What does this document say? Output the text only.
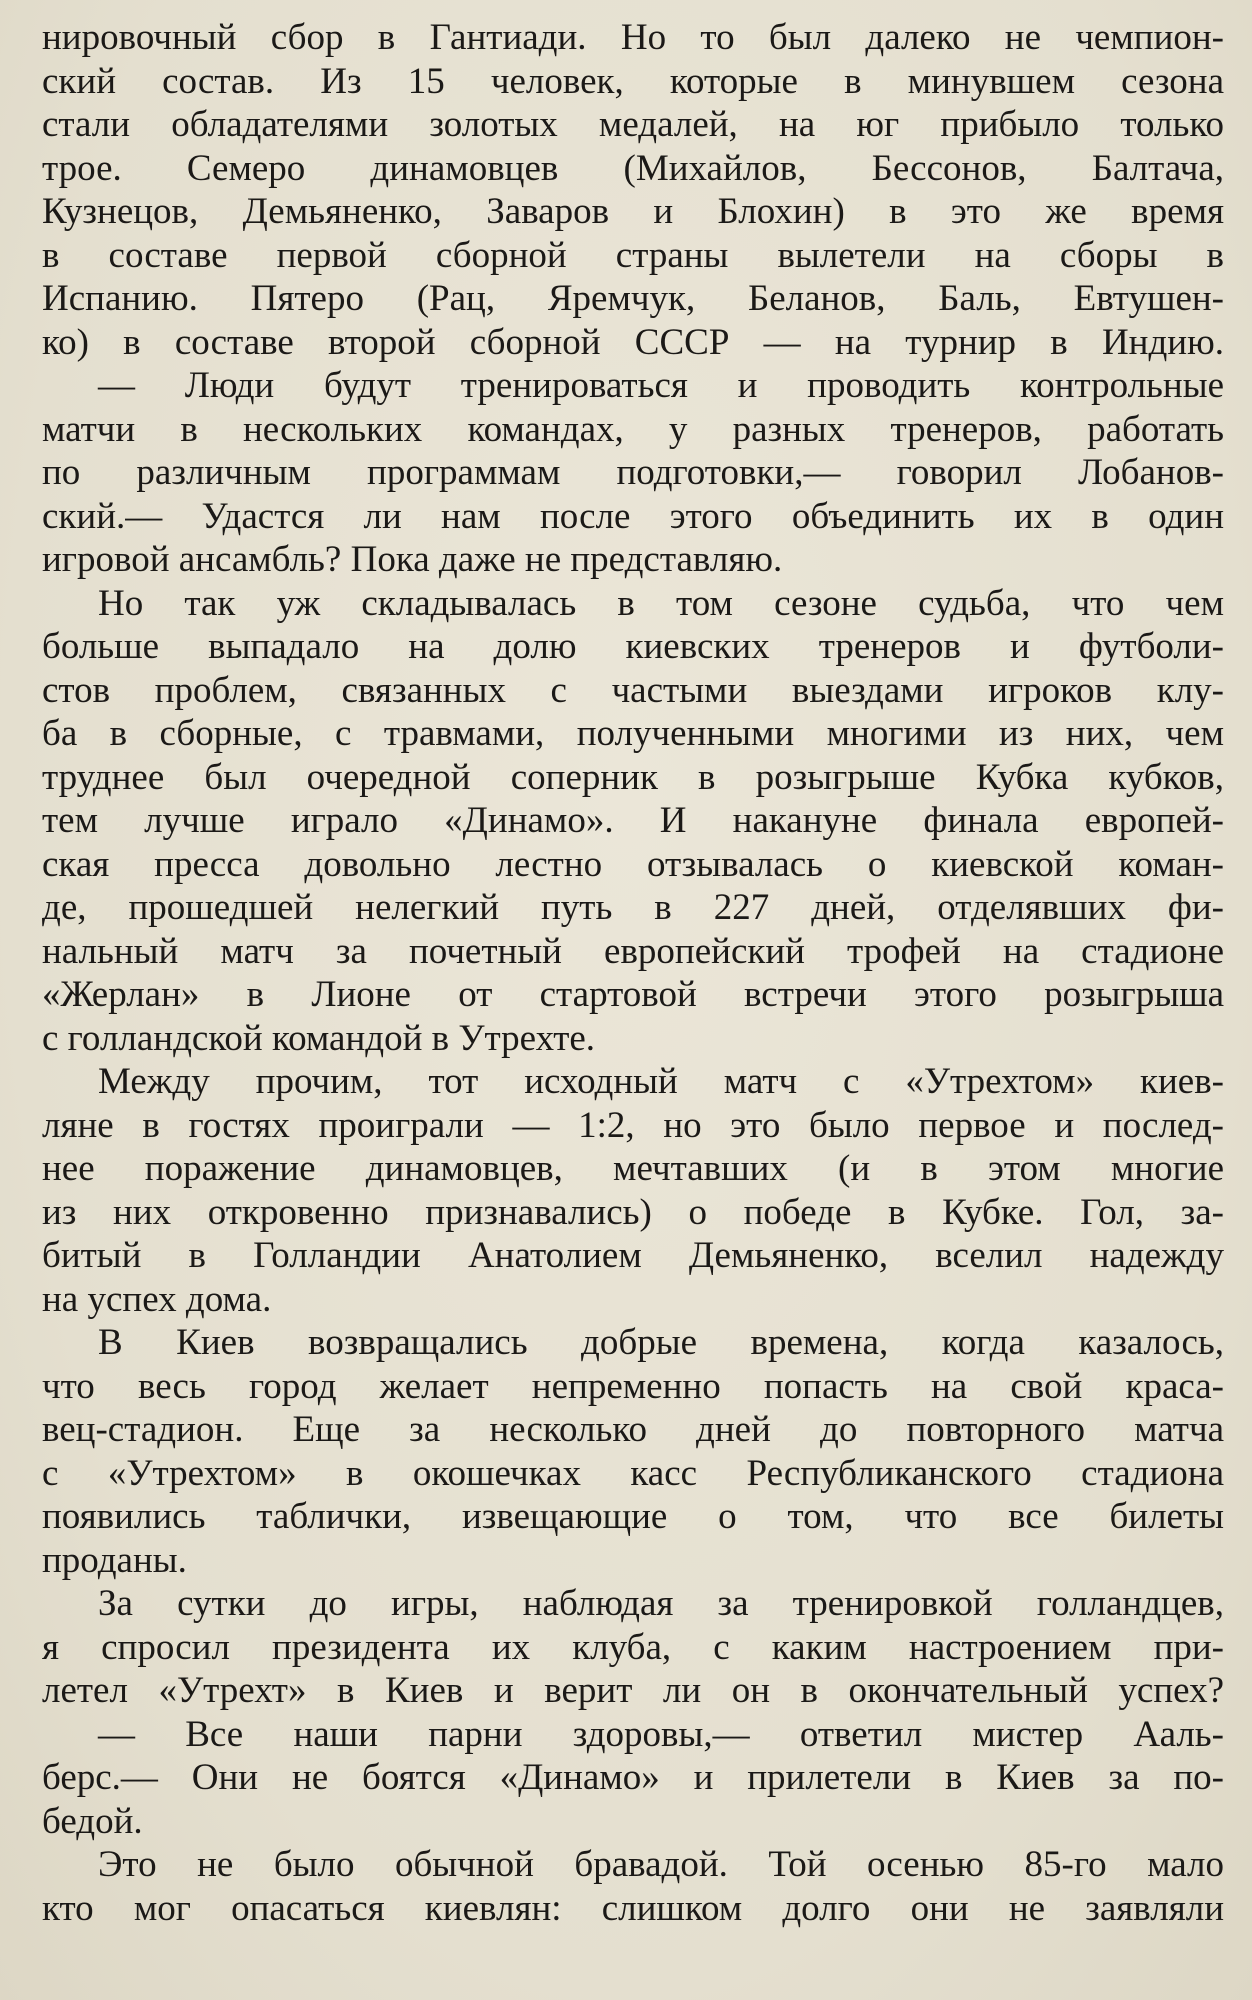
нировочный сбор в Гантиади. Но то был далеко не чемпион-
ский состав. Из 15 человек, которые в минувшем сезона
стали обладателями золотых медалей, на юг прибыло только
трое. Семеро динамовцев (Михайлов, Бессонов, Балтача,
Кузнецов, Демьяненко, Заваров и Блохин) в это же время
в составе первой сборной страны вылетели на сборы в
Испанию. Пятеро (Рац, Яремчук, Беланов, Баль, Евтушен-
ко) в составе второй сборной СССР — на турнир в Индию.
— Люди будут тренироваться и проводить контрольные
матчи в нескольких командах, у разных тренеров, работать
по различным программам подготовки,— говорил Лобанов-
ский.— Удастся ли нам после этого объединить их в один
игровой ансамбль? Пока даже не представляю.
Но так уж складывалась в том сезоне судьба, что чем
больше выпадало на долю киевских тренеров и футболи-
стов проблем, связанных с частыми выездами игроков клу-
ба в сборные, с травмами, полученными многими из них, чем
труднее был очередной соперник в розыгрыше Кубка кубков,
тем лучше играло «Динамо». И накануне финала европей-
ская пресса довольно лестно отзывалась о киевской коман-
де, прошедшей нелегкий путь в 227 дней, отделявших фи-
нальный матч за почетный европейский трофей на стадионе
«Жерлан» в Лионе от стартовой встречи этого розыгрыша
с голландской командой в Утрехте.
Между прочим, тот исходный матч с «Утрехтом» киев-
ляне в гостях проиграли — 1:2, но это было первое и послед-
нее поражение динамовцев, мечтавших (и в этом многие
из них откровенно признавались) о победе в Кубке. Гол, за-
битый в Голландии Анатолием Демьяненко, вселил надежду
на успех дома.
В Киев возвращались добрые времена, когда казалось,
что весь город желает непременно попасть на свой краса-
вец-стадион. Еще за несколько дней до повторного матча
с «Утрехтом» в окошечках касс Республиканского стадиона
появились таблички, извещающие о том, что все билеты
проданы.
За сутки до игры, наблюдая за тренировкой голландцев,
я спросил президента их клуба, с каким настроением при-
летел «Утрехт» в Киев и верит ли он в окончательный успех?
— Все наши парни здоровы,— ответил мистер Ааль-
берс.— Они не боятся «Динамо» и прилетели в Киев за по-
бедой.
Это не было обычной бравадой. Той осенью 85-го мало
кто мог опасаться киевлян: слишком долго они не заявляли
